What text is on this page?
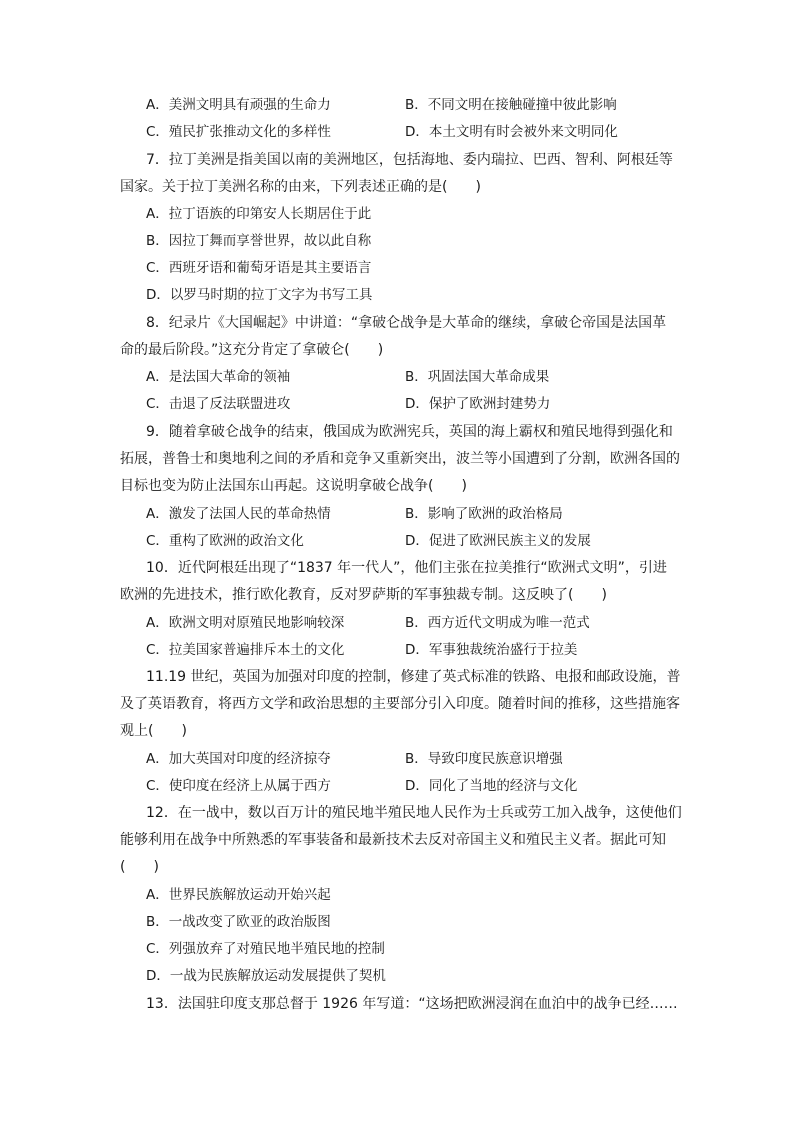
A．美洲文明具有顽强的生命力	B．不同文明在接触碰撞中彼此影响
C．殖民扩张推动文化的多样性	D．本土文明有时会被外来文明同化
7．拉丁美洲是指美国以南的美洲地区，包括海地、委内瑞拉、巴西、智利、阿根廷等
国家。关于拉丁美洲名称的由来，下列表述正确的是(　　)
A．拉丁语族的印第安人长期居住于此
B．因拉丁舞而享誉世界，故以此自称
C．西班牙语和葡萄牙语是其主要语言
D．以罗马时期的拉丁文字为书写工具
8．纪录片《大国崛起》中讲道：“拿破仑战争是大革命的继续，拿破仑帝国是法国革
命的最后阶段。”这充分肯定了拿破仑(　　)
A．是法国大革命的领袖	B．巩固法国大革命成果
C．击退了反法联盟进攻	D．保护了欧洲封建势力
9．随着拿破仑战争的结束，俄国成为欧洲宪兵，英国的海上霸权和殖民地得到强化和
拓展，普鲁士和奥地利之间的矛盾和竞争又重新突出，波兰等小国遭到了分割，欧洲各国的
目标也变为防止法国东山再起。这说明拿破仑战争(　　)
A．激发了法国人民的革命热情	B．影响了欧洲的政治格局
C．重构了欧洲的政治文化	D．促进了欧洲民族主义的发展
10．近代阿根廷出现了“1837 年一代人”，他们主张在拉美推行“欧洲式文明”，引进
欧洲的先进技术，推行欧化教育，反对罗萨斯的军事独裁专制。这反映了(　　)
A．欧洲文明对原殖民地影响较深	B．西方近代文明成为唯一范式
C．拉美国家普遍排斥本土的文化	D．军事独裁统治盛行于拉美
11.19 世纪，英国为加强对印度的控制，修建了英式标准的铁路、电报和邮政设施，普
及了英语教育，将西方文学和政治思想的主要部分引入印度。随着时间的推移，这些措施客
观上(　　)
A．加大英国对印度的经济掠夺	B．导致印度民族意识增强
C．使印度在经济上从属于西方	D．同化了当地的经济与文化
12．在一战中，数以百万计的殖民地半殖民地人民作为士兵或劳工加入战争，这使他们
能够利用在战争中所熟悉的军事装备和最新技术去反对帝国主义和殖民主义者。据此可知
(　　)
A．世界民族解放运动开始兴起
B．一战改变了欧亚的政治版图
C．列强放弃了对殖民地半殖民地的控制
D．一战为民族解放运动发展提供了契机
13．法国驻印度支那总督于 1926 年写道：“这场把欧洲浸润在血泊中的战争已经……
